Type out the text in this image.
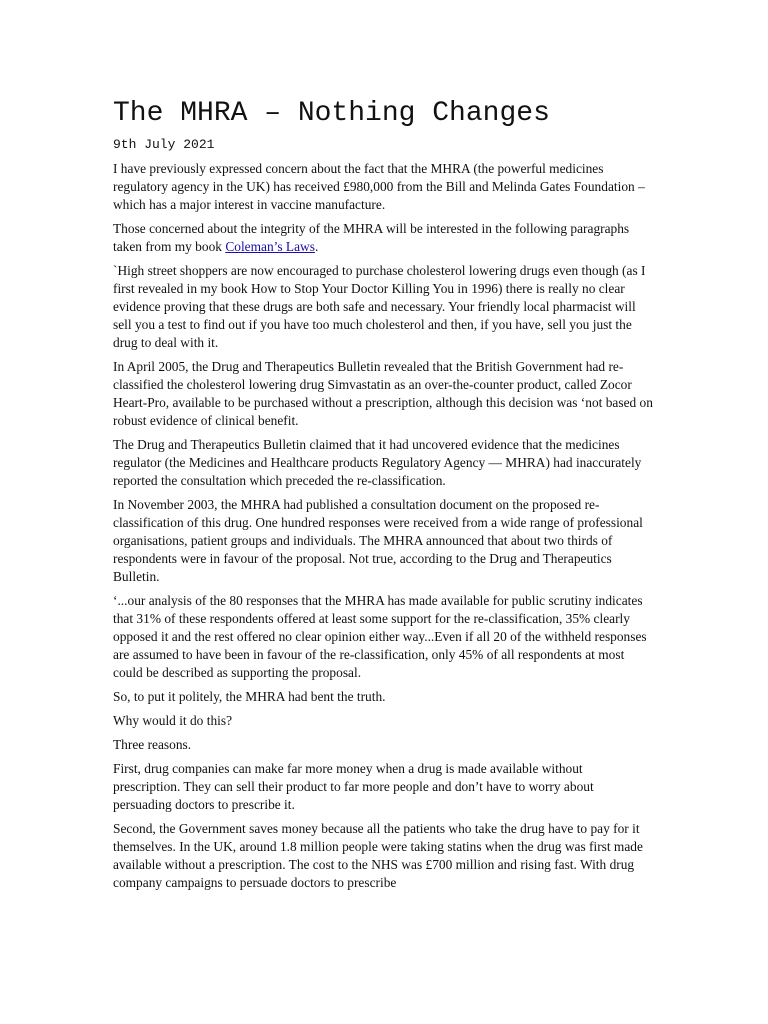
The MHRA – Nothing Changes
9th July 2021

I have previously expressed concern about the fact that the MHRA (the powerful medicines regulatory agency in the UK) has received £980,000 from the Bill and Melinda Gates Foundation – which has a major interest in vaccine manufacture.

Those concerned about the integrity of the MHRA will be interested in the following paragraphs taken from my book Coleman’s Laws.

`High street shoppers are now encouraged to purchase cholesterol lowering drugs even though (as I first revealed in my book How to Stop Your Doctor Killing You in 1996) there is really no clear evidence proving that these drugs are both safe and necessary. Your friendly local pharmacist will sell you a test to find out if you have too much cholesterol and then, if you have, sell you just the drug to deal with it.

In April 2005, the Drug and Therapeutics Bulletin revealed that the British Government had re-classified the cholesterol lowering drug Simvastatin as an over-the-counter product, called Zocor Heart-Pro, available to be purchased without a prescription, although this decision was ‘not based on robust evidence of clinical benefit.

The Drug and Therapeutics Bulletin claimed that it had uncovered evidence that the medicines regulator (the Medicines and Healthcare products Regulatory Agency — MHRA) had inaccurately reported the consultation which preceded the re-classification.

In November 2003, the MHRA had published a consultation document on the proposed re-classification of this drug. One hundred responses were received from a wide range of professional organisations, patient groups and individuals. The MHRA announced that about two thirds of respondents were in favour of the proposal. Not true, according to the Drug and Therapeutics Bulletin.

‘...our analysis of the 80 responses that the MHRA has made available for public scrutiny indicates that 31% of these respondents offered at least some support for the re-classification, 35% clearly opposed it and the rest offered no clear opinion either way...Even if all 20 of the withheld responses are assumed to have been in favour of the re-classification, only 45% of all respondents at most could be described as supporting the proposal.

So, to put it politely, the MHRA had bent the truth.

Why would it do this?

Three reasons.

First, drug companies can make far more money when a drug is made available without prescription. They can sell their product to far more people and don’t have to worry about persuading doctors to prescribe it.

Second, the Government saves money because all the patients who take the drug have to pay for it themselves. In the UK, around 1.8 million people were taking statins when the drug was first made available without a prescription. The cost to the NHS was £700 million and rising fast. With drug company campaigns to persuade doctors to prescribe
